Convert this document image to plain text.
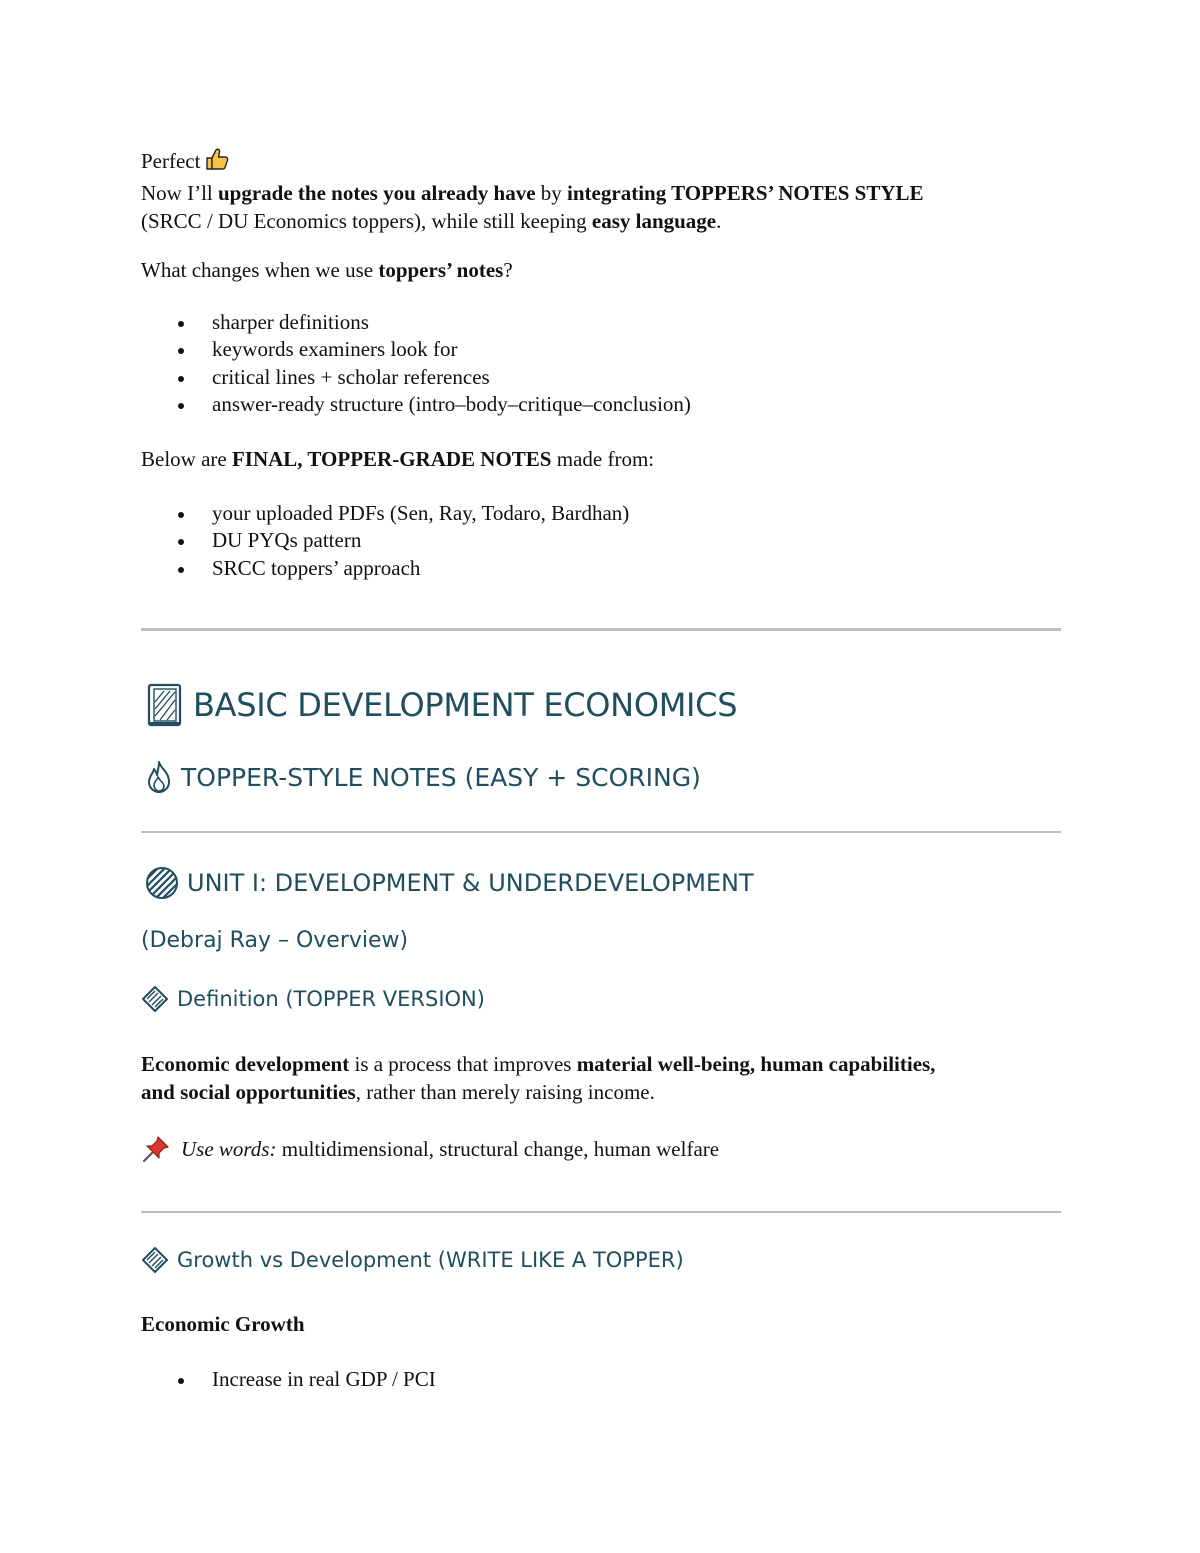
Perfect
Now I’ll upgrade the notes you already have by integrating TOPPERS’ NOTES STYLE
(SRCC / DU Economics toppers), while still keeping easy language.
What changes when we use toppers’ notes?
sharper definitions
keywords examiners look for
critical lines + scholar references
answer-ready structure (intro–body–critique–conclusion)
Below are FINAL, TOPPER-GRADE NOTES made from:
your uploaded PDFs (Sen, Ray, Todaro, Bardhan)
DU PYQs pattern
SRCC toppers’ approach
BASIC DEVELOPMENT ECONOMICS
TOPPER-STYLE NOTES (EASY + SCORING)
UNIT I: DEVELOPMENT & UNDERDEVELOPMENT
(Debraj Ray – Overview)
Definition (TOPPER VERSION)
Economic development is a process that improves material well-being, human capabilities,
and social opportunities, rather than merely raising income.
Use words: multidimensional, structural change, human welfare
Growth vs Development (WRITE LIKE A TOPPER)
Economic Growth
Increase in real GDP / PCI
